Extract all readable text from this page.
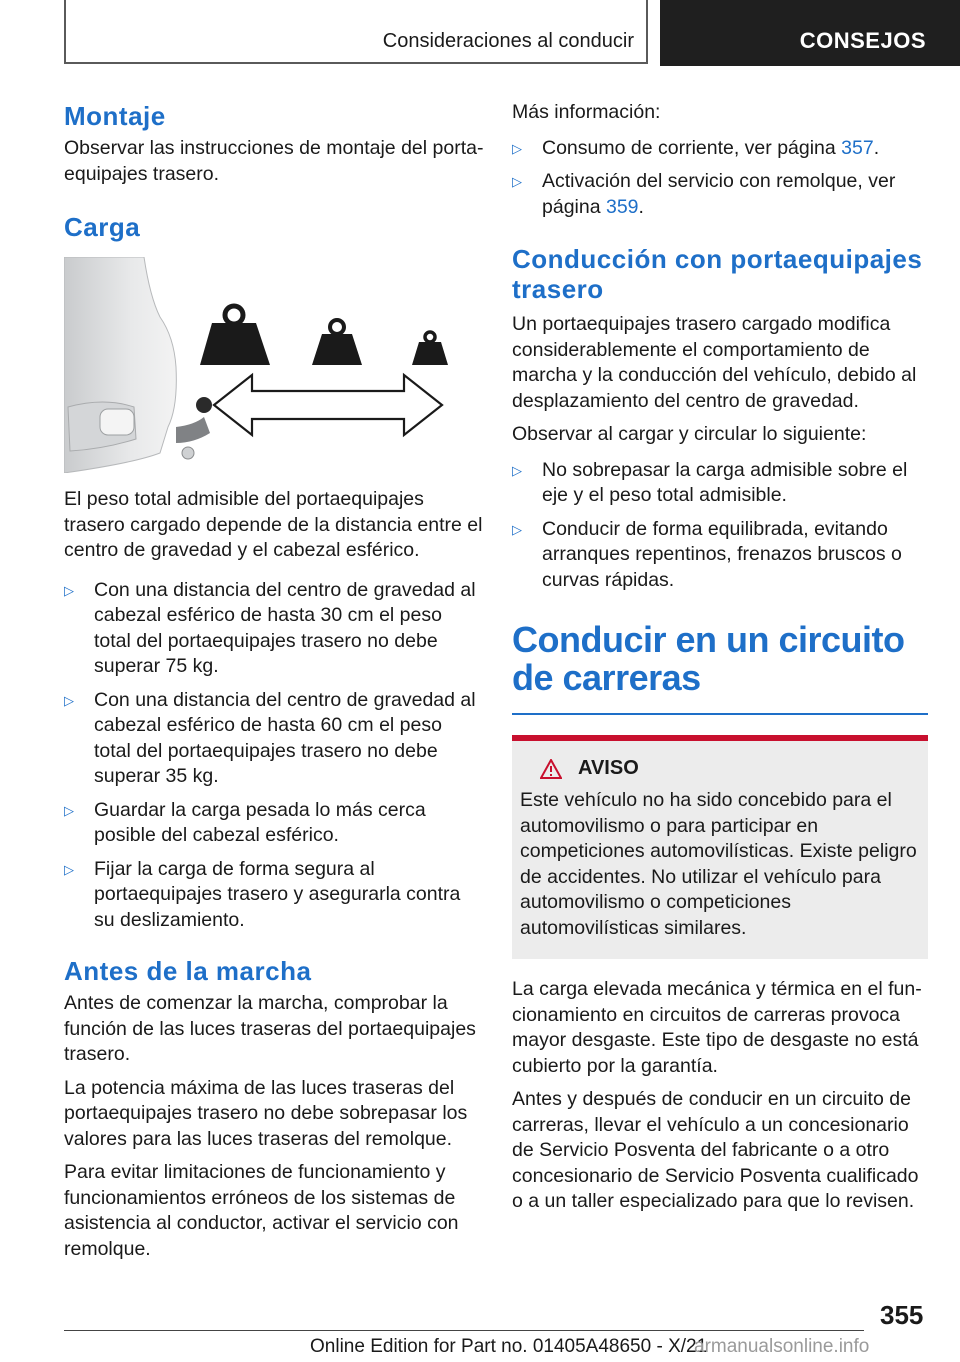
Consideraciones al conducir	CONSEJOS
Montaje

Observar las instrucciones de montaje del portaequipajes trasero.

Carga

El peso total admisible del portaequipajes trasero cargado depende de la distancia entre el centro de gravedad y el cabezal esférico.

▷ Con una distancia del centro de gravedad al cabezal esférico de hasta 30 cm el peso total del portaequipajes trasero no debe superar 75 kg.
▷ Con una distancia del centro de gravedad al cabezal esférico de hasta 60 cm el peso total del portaequipajes trasero no debe superar 35 kg.
▷ Guardar la carga pesada lo más cerca posible del cabezal esférico.
▷ Fijar la carga de forma segura al portaequipajes trasero y asegurarla contra su deslizamiento.
Antes de la marcha

Antes de comenzar la marcha, comprobar la función de las luces traseras del portaequipajes trasero.

La potencia máxima de las luces traseras del portaequipajes trasero no debe sobrepasar los valores para las luces traseras del remolque.

Para evitar limitaciones de funcionamiento y funcionamientos erróneos de los sistemas de asistencia al conductor, activar el servicio con remolque.

Más información:

▷ Consumo de corriente, ver página 357.
▷ Activación del servicio con remolque, ver página 359.
Conducción con portaequipajes trasero

Un portaequipajes trasero cargado modifica considerablemente el comportamiento de marcha y la conducción del vehículo, debido al desplazamiento del centro de gravedad.

Observar al cargar y circular lo siguiente:

▷ No sobrepasar la carga admisible sobre el eje y el peso total admisible.
▷ Conducir de forma equilibrada, evitando arranques repentinos, frenazos bruscos o curvas rápidas.
Conducir en un circuito de carreras
AVISO

Este vehículo no ha sido concebido para el automovilismo o para participar en competiciones automovilísticas. Existe peligro de accidentes. No utilizar el vehículo para automovilismo o competiciones automovilísticas similares.

La carga elevada mecánica y térmica en el funcionamiento en circuitos de carreras provoca mayor desgaste. Este tipo de desgaste no está cubierto por la garantía.

Antes y después de conducir en un circuito de carreras, llevar el vehículo a un concesionario de Servicio Posventa del fabricante o a otro concesionario de Servicio Posventa cualificado o a un taller especializado para que lo revisen.

355
Online Edition for Part no. 01405A48650 - X/21
armanualsonline.info
